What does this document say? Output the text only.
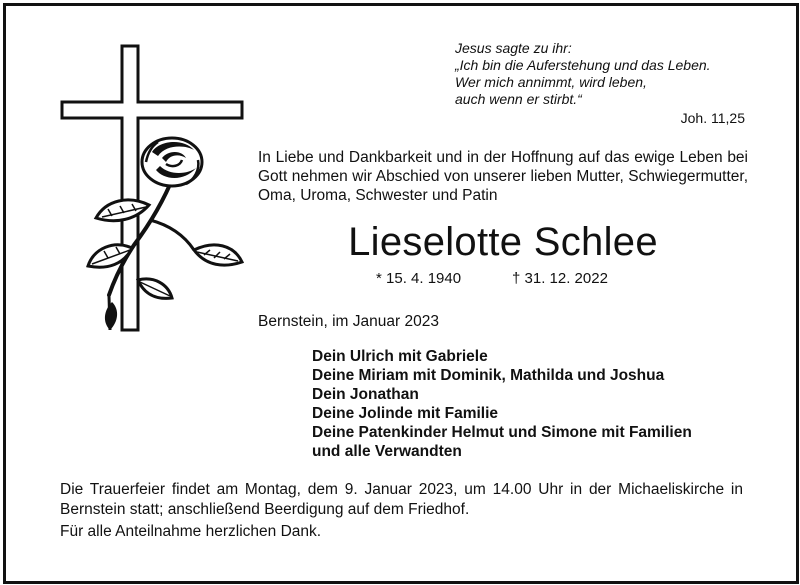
Jesus sagte zu ihr:
„Ich bin die Auferstehung und das Leben.
Wer mich annimmt, wird leben,
auch wenn er stirbt.“
Joh. 11,25
In Liebe und Dankbarkeit und in der Hoffnung auf das ewige Leben bei Gott nehmen wir Abschied von unserer lieben Mutter, Schwiegermutter, Oma, Uroma, Schwester und Patin
Lieselotte Schlee
* 15. 4. 1940	† 31. 12. 2022
Bernstein, im Januar 2023
Dein Ulrich mit Gabriele
Deine Miriam mit Dominik, Mathilda und Joshua
Dein Jonathan
Deine Jolinde mit Familie
Deine Patenkinder Helmut und Simone mit Familien
und alle Verwandten
Die Trauerfeier findet am Montag, dem 9. Januar 2023, um 14.00 Uhr in der Michaeliskirche in Bernstein statt; anschließend Beerdigung auf dem Friedhof.
Für alle Anteilnahme herzlichen Dank.
